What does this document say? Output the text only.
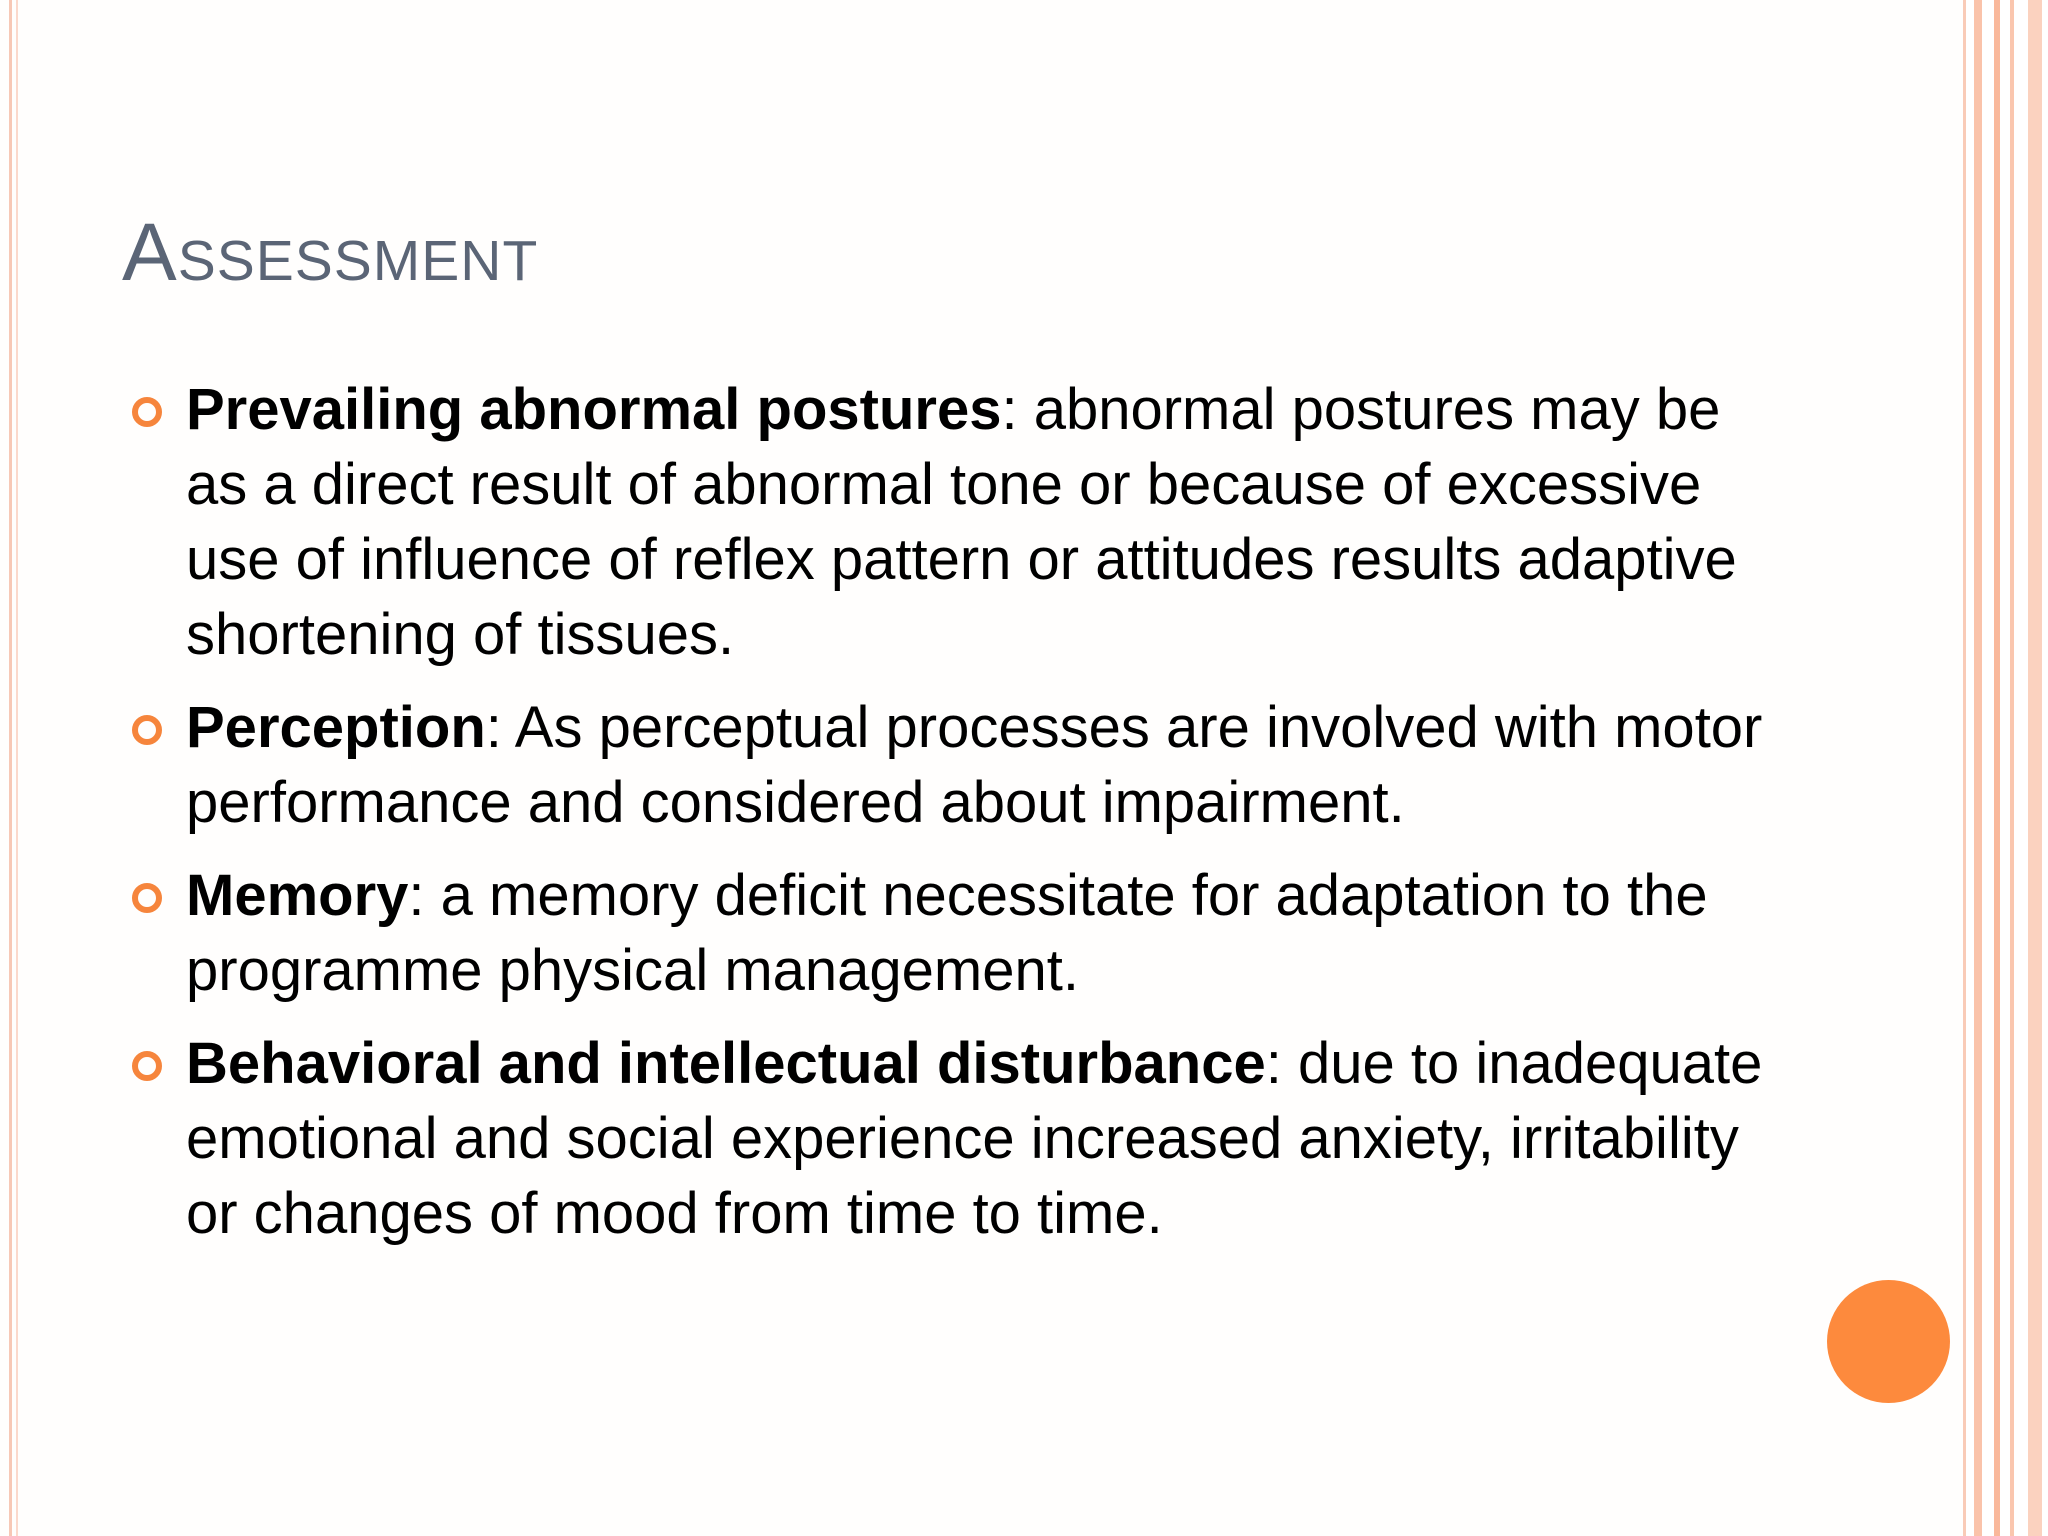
Assessment
Prevailing abnormal postures: abnormal postures may be as a direct result of abnormal tone or because of excessive use of influence of reflex pattern or attitudes results adaptive shortening of tissues.
Perception: As perceptual processes are involved with motor performance and considered about impairment.
Memory: a memory deficit necessitate for adaptation to the programme physical management.
Behavioral and intellectual disturbance: due to inadequate emotional and social experience increased anxiety, irritability or changes of mood from time to time.
